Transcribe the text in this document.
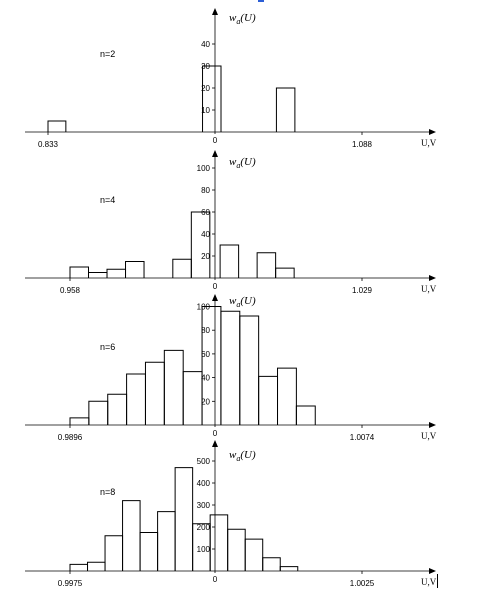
10
20
30
40
0
0.833	1.088	U,V
$w_a(U)$
n=2
20
40
60
80
100
0
0.958	1.029	U,V
$w_a(U)$
n=4
20
40
60
80
100
0
0.9896	1.0074	U,V
$w_a(U)$
n=6
100
200
300
400
500
0
0.9975	1.0025	U,V
$w_a(U)$
n=8
